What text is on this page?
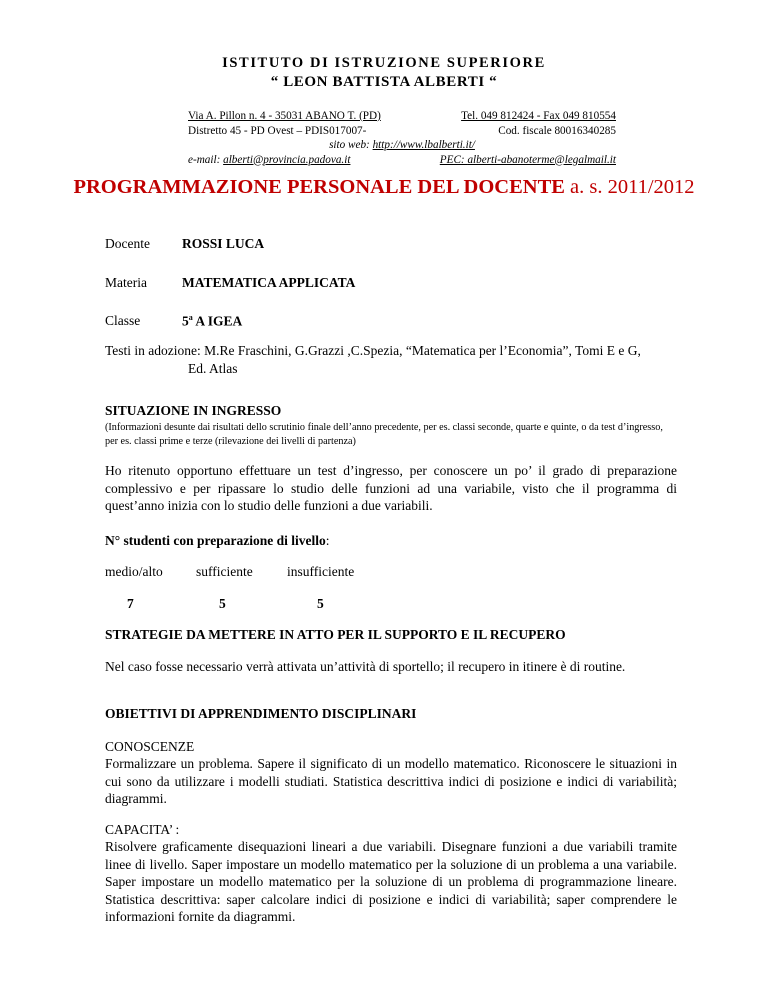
ISTITUTO DI ISTRUZIONE SUPERIORE
“ LEON BATTISTA ALBERTI “
Via A. Pillon n. 4 - 35031 ABANO T. (PD)	Tel. 049 812424 - Fax 049 810554
Distretto 45 - PD Ovest – PDIS017007-	Cod. fiscale 80016340285
sito web: http://www.lbalberti.it/
e-mail: alberti@provincia.padova.it	PEC: alberti-abanoterme@legalmail.it
PROGRAMMAZIONE PERSONALE DEL DOCENTE a. s. 2011/2012
Docente ROSSI LUCA
Materia	MATEMATICA APPLICATA
Classe	5$^a$ A IGEA
Testi in adozione: M.Re Fraschini, G.Grazzi ,C.Spezia, “Matematica per l’Economia”, Tomi E e G,
Ed. Atlas
SITUAZIONE IN INGRESSO
(Informazioni desunte dai risultati dello scrutinio finale dell’anno precedente, per es. classi seconde, quarte e quinte, o da test d’ingresso, per es. classi prime e terze (rilevazione dei livelli di partenza)
Ho ritenuto opportuno effettuare un test d’ingresso, per conoscere un po’ il grado di preparazione complessivo e per ripassare lo studio delle funzioni ad una variabile, visto che il programma di quest’anno inizia con lo studio delle funzioni a due variabili.
N° studenti con preparazione di livello:
medio/alto sufficiente	insufficiente
7	5	5
STRATEGIE DA METTERE IN ATTO PER IL SUPPORTO E IL RECUPERO
Nel caso fosse necessario verrà attivata un’attività di sportello; il recupero in itinere è di routine.
OBIETTIVI DI APPRENDIMENTO DISCIPLINARI
CONOSCENZE
Formalizzare un problema. Sapere il significato di un modello matematico. Riconoscere le situazioni in cui sono da utilizzare i modelli studiati. Statistica descrittiva indici di posizione e indici di variabilità; diagrammi.
CAPACITA’ :
Risolvere graficamente disequazioni lineari a due variabili. Disegnare funzioni a due variabili tramite linee di livello. Saper impostare un modello matematico per la soluzione di un problema a una variabile. Saper impostare un modello matematico per la soluzione di un problema di programmazione lineare. Statistica descrittiva: saper calcolare indici di posizione e indici di variabilità; saper comprendere le informazioni fornite da diagrammi.
